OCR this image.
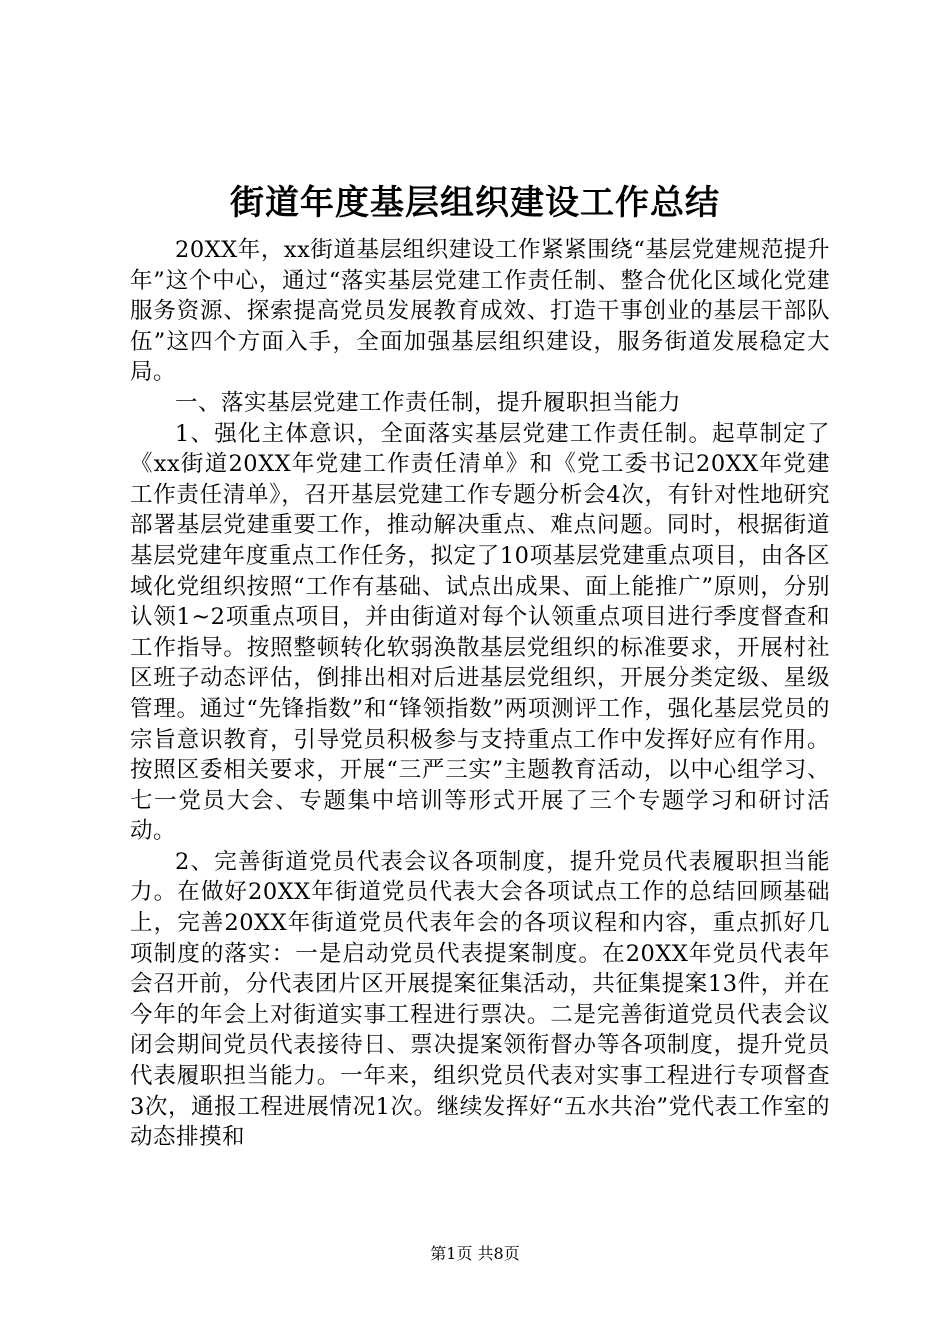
街道年度基层组织建设工作总结

20XX年，xx街道基层组织建设工作紧紧围绕“基层党建规范提升年”这个中心，通过“落实基层党建工作责任制、整合优化区域化党建服务资源、探索提高党员发展教育成效、打造干事创业的基层干部队伍”这四个方面入手，全面加强基层组织建设，服务街道发展稳定大局。

一、落实基层党建工作责任制，提升履职担当能力

1、强化主体意识，全面落实基层党建工作责任制。起草制定了《xx街道20XX年党建工作责任清单》和《党工委书记20XX年党建工作责任清单》，召开基层党建工作专题分析会4次，有针对性地研究部署基层党建重要工作，推动解决重点、难点问题。同时，根据街道基层党建年度重点工作任务，拟定了10项基层党建重点项目，由各区域化党组织按照“工作有基础、试点出成果、面上能推广”原则，分别认领1~2项重点项目，并由街道对每个认领重点项目进行季度督查和工作指导。按照整顿转化软弱涣散基层党组织的标准要求，开展村社区班子动态评估，倒排出相对后进基层党组织，开展分类定级、星级管理。通过“先锋指数”和“锋领指数”两项测评工作，强化基层党员的宗旨意识教育，引导党员积极参与支持重点工作中发挥好应有作用。按照区委相关要求，开展“三严三实”主题教育活动，以中心组学习、七一党员大会、专题集中培训等形式开展了三个专题学习和研讨活动。

2、完善街道党员代表会议各项制度，提升党员代表履职担当能力。在做好20XX年街道党员代表大会各项试点工作的总结回顾基础上，完善20XX年街道党员代表年会的各项议程和内容，重点抓好几项制度的落实：一是启动党员代表提案制度。在20XX年党员代表年会召开前，分代表团片区开展提案征集活动，共征集提案13件，并在今年的年会上对街道实事工程进行票决。二是完善街道党员代表会议闭会期间党员代表接待日、票决提案领衔督办等各项制度，提升党员代表履职担当能力。一年来，组织党员代表对实事工程进行专项督查3次，通报工程进展情况1次。继续发挥好“五水共治”党代表工作室的动态排摸和

第1页 共8页
